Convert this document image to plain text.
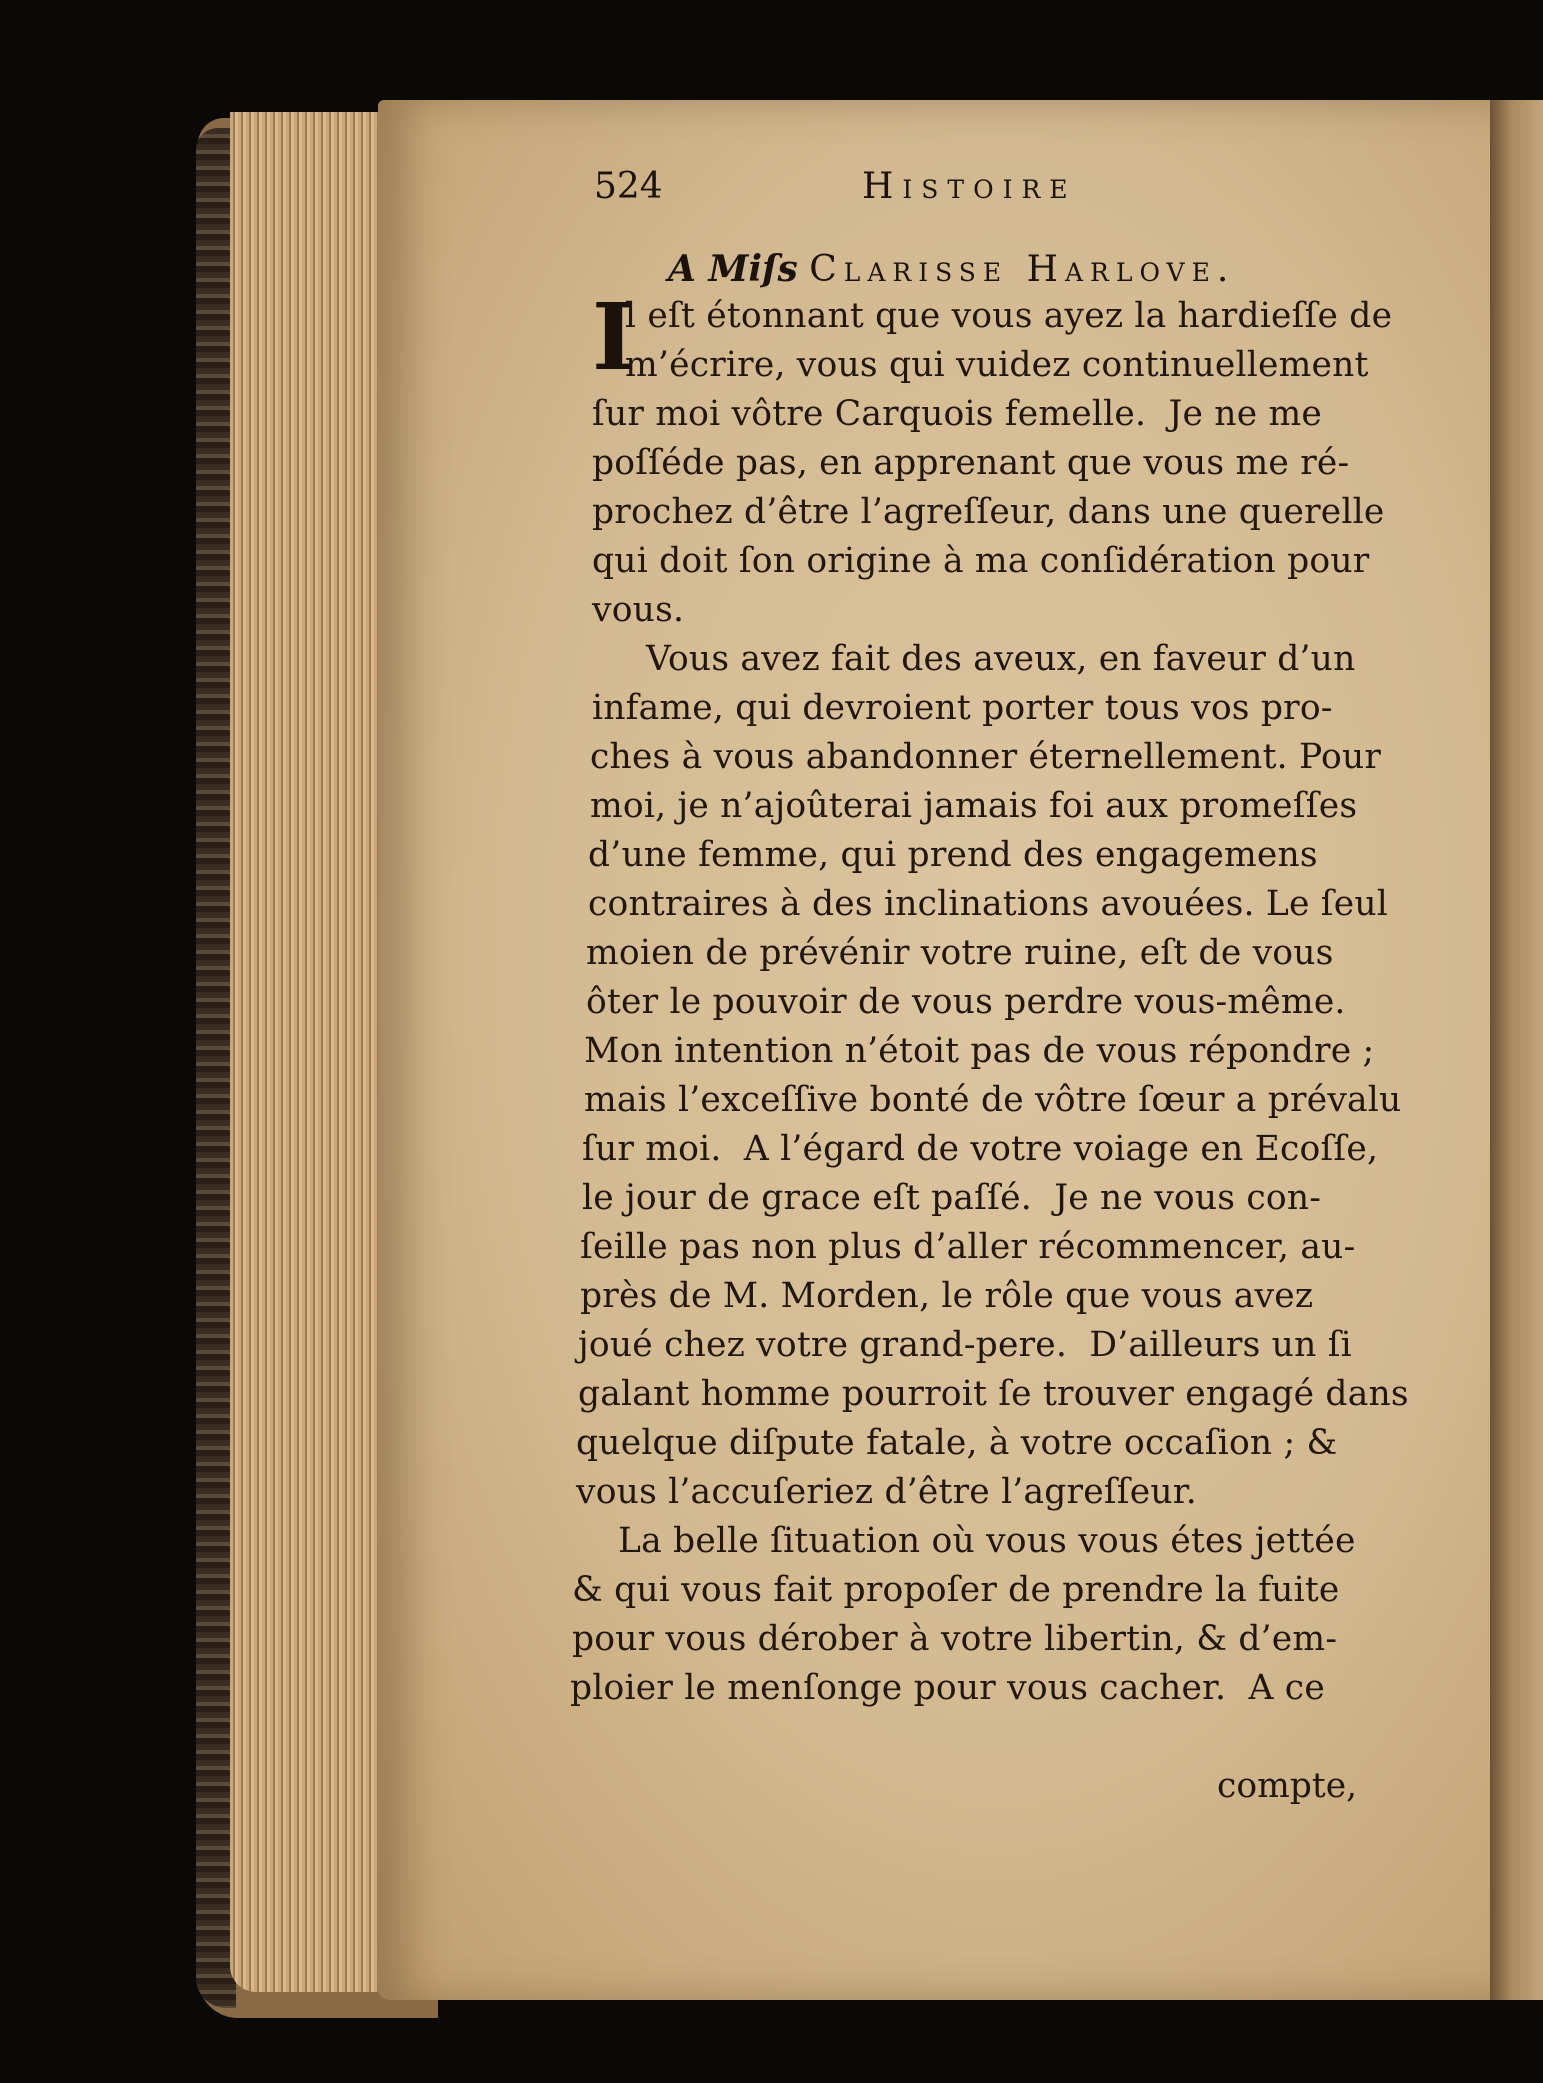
524	Histoire
A Miſs Clarisse Harlove.
I
l eſt étonnant que vous ayez la hardieſſe de
m’écrire, vous qui vuidez continuellement
ſur moi vôtre Carquois femelle.  Je ne me
poſſéde pas, en apprenant que vous me ré-
prochez d’être l’agreſſeur, dans une querelle
qui doit ſon origine à ma conſidération pour
vous.
Vous avez fait des aveux, en faveur d’un
infame, qui devroient porter tous vos pro-
ches à vous abandonner éternellement. Pour
moi, je n’ajoûterai jamais foi aux promeſſes
d’une femme, qui prend des engagemens
contraires à des inclinations avouées. Le ſeul
moien de prévénir votre ruine, eſt de vous
ôter le pouvoir de vous perdre vous-même.
Mon intention n’étoit pas de vous répondre ;
mais l’exceſſive bonté de vôtre ſœur a prévalu
ſur moi.  A l’égard de votre voiage en Ecoſſe,
le jour de grace eſt paſſé.  Je ne vous con-
ſeille pas non plus d’aller récommencer, au-
près de M. Morden, le rôle que vous avez
joué chez votre grand-pere.  D’ailleurs un ſi
galant homme pourroit ſe trouver engagé dans
quelque diſpute fatale, à votre occaſion ; &
vous l’accuſeriez d’être l’agreſſeur.
La belle ſituation où vous vous étes jettée
& qui vous fait propoſer de prendre la fuite
pour vous dérober à votre libertin, & d’em-
ploier le menſonge pour vous cacher.  A ce
compte,
